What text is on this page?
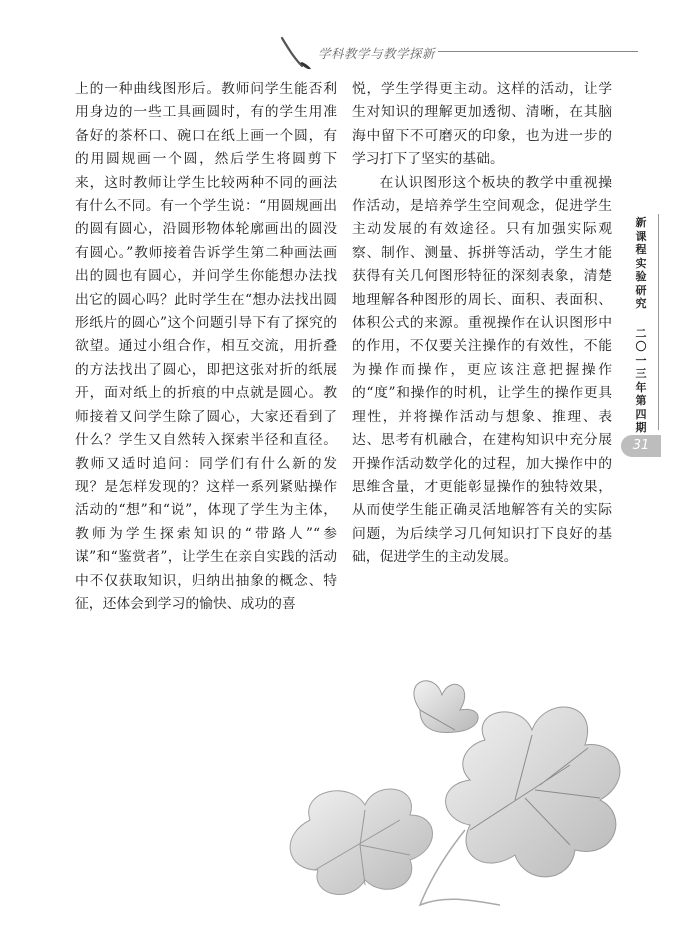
学科教学与教学探新

上的一种曲线图形后。教师问学生能否利用身边的一些工具画圆时，有的学生用准备好的茶杯口、碗口在纸上画一个圆，有的用圆规画一个圆，然后学生将圆剪下来，这时教师让学生比较两种不同的画法有什么不同。有一个学生说：“用圆规画出的圆有圆心，沿圆形物体轮廓画出的圆没有圆心。”教师接着告诉学生第二种画法画出的圆也有圆心，并问学生你能想办法找出它的圆心吗？此时学生在“想办法找出圆形纸片的圆心”这个问题引导下有了探究的欲望。通过小组合作，相互交流，用折叠的方法找出了圆心，即把这张对折的纸展开，面对纸上的折痕的中点就是圆心。教师接着又问学生除了圆心，大家还看到了什么？学生又自然转入探索半径和直径。教师又适时追问：同学们有什么新的发现？是怎样发现的？这样一系列紧贴操作活动的“想”和“说”，体现了学生为主体，教师为学生探索知识的“带路人”“参谋”和“鉴赏者”，让学生在亲自实践的活动中不仅获取知识，归纳出抽象的概念、特征，还体会到学习的愉快、成功的喜

悦，学生学得更主动。这样的活动，让学生对知识的理解更加透彻、清晰，在其脑海中留下不可磨灭的印象，也为进一步的学习打下了坚实的基础。

在认识图形这个板块的教学中重视操作活动，是培养学生空间观念，促进学生主动发展的有效途径。只有加强实际观察、制作、测量、拆拼等活动，学生才能获得有关几何图形特征的深刻表象，清楚地理解各种图形的周长、面积、表面积、体积公式的来源。重视操作在认识图形中的作用，不仅要关注操作的有效性，不能为操作而操作，更应该注意把握操作的“度”和操作的时机，让学生的操作更具理性，并将操作活动与想象、推理、表达、思考有机融合，在建构知识中充分展开操作活动数学化的过程，加大操作中的思维含量，才更能彰显操作的独特效果，从而使学生能正确灵活地解答有关的实际问题，为后续学习几何知识打下良好的基础，促进学生的主动发展。

新课程实验研究
二〇一三年
第四期
31
